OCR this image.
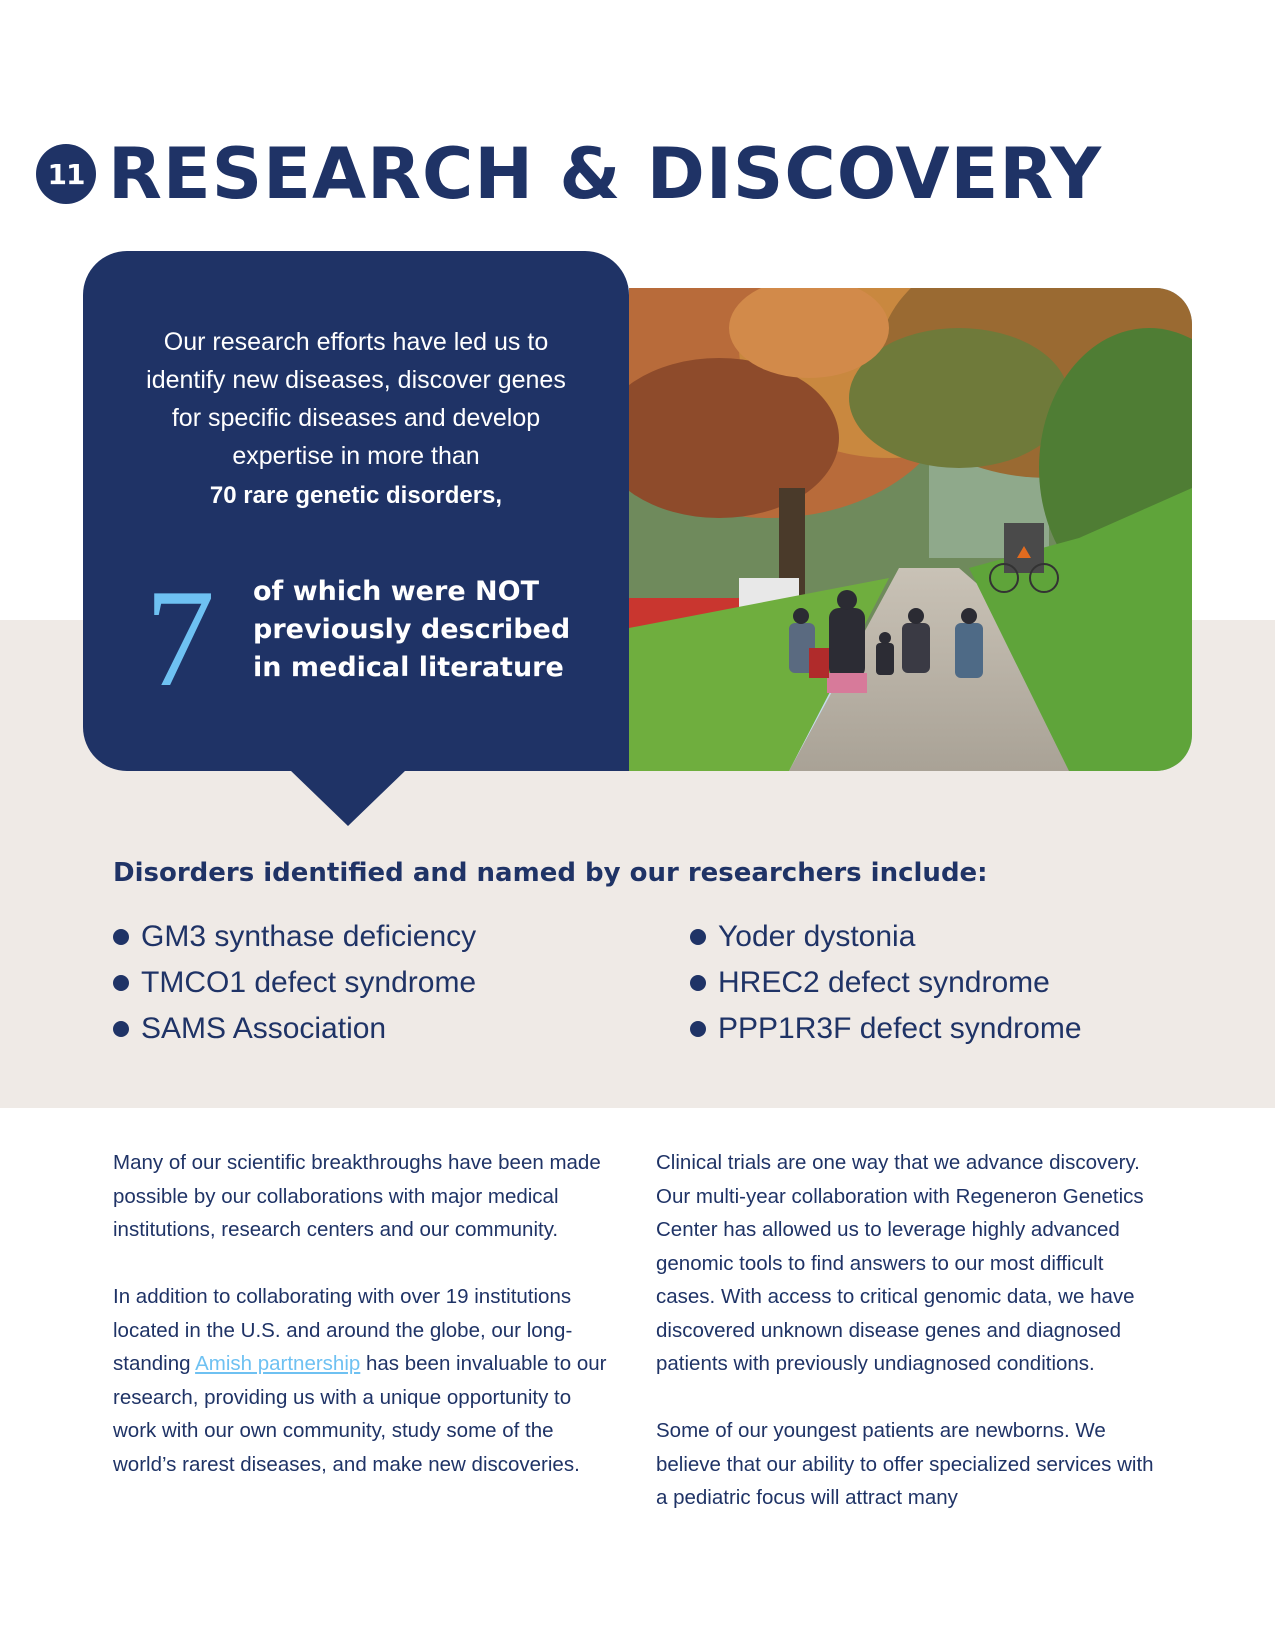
11 RESEARCH & DISCOVERY

Our research efforts have led us to identify new diseases, discover genes for specific diseases and develop expertise in more than

70 rare genetic disorders,

7 of which were NOT
previously described
in medical literature
Disorders identified and named by our researchers include:
GM3 synthase deficiency
TMCO1 defect syndrome
SAMS Association
Yoder dystonia
HREC2 defect syndrome
PPP1R3F defect syndrome

Many of our scientific breakthroughs have been made possible by our collaborations with major medical institutions, research centers and our community.

In addition to collaborating with over 19 institutions located in the U.S. and around the globe, our long-standing Amish partnership has been invaluable to our research, providing us with a unique opportunity to work with our own community, study some of the world’s rarest diseases, and make new discoveries.

Clinical trials are one way that we advance discovery. Our multi-year collaboration with Regeneron Genetics Center has allowed us to leverage highly advanced genomic tools to find answers to our most difficult cases. With access to critical genomic data, we have discovered unknown disease genes and diagnosed patients with previously undiagnosed conditions.

Some of our youngest patients are newborns. We believe that our ability to offer specialized services with a pediatric focus will attract many
